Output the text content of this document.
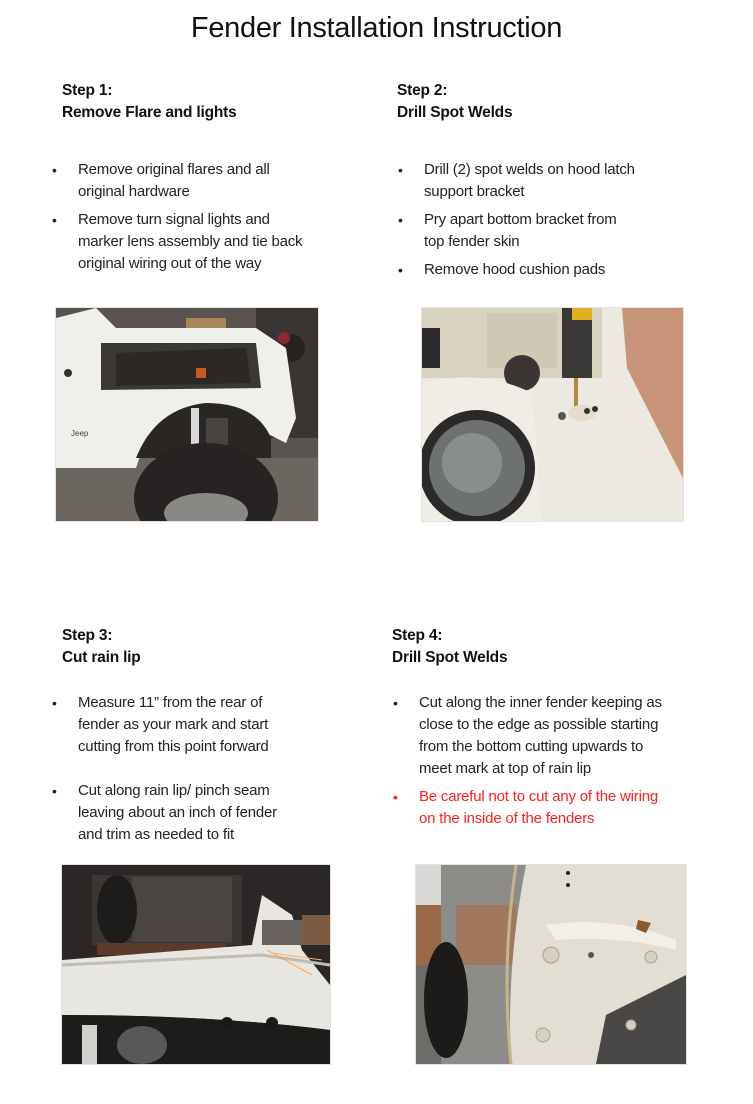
Fender Installation Instruction
Step 1:
Remove Flare and lights
•	Remove original flares and all
original hardware
•	Remove turn signal lights and
marker lens assembly and tie back
original wiring out of the way
Jeep
Step 2:
Drill Spot Welds
•	Drill (2) spot welds on hood latch
support bracket
•	Pry apart bottom bracket from
top fender skin
•	Remove hood cushion pads
Step 3:
Cut rain lip
•	Measure 11” from the rear of
fender as your mark and start
cutting from this point forward
•	Cut along rain lip/ pinch seam
leaving about an inch of fender
and trim as needed to fit
Step 4:
Drill Spot Welds
•	Cut along the inner fender keeping as
close to the edge as possible starting
from the bottom cutting upwards to
meet mark at top of rain lip
•	Be careful not to cut any of the wiring
on the inside of the fenders
